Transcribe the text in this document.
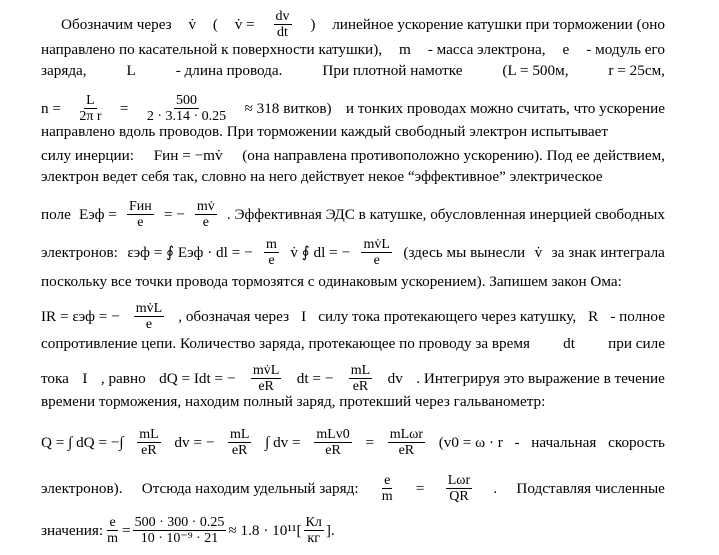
Обозначим через v̇ ( v̇ = $\frac{dv}{dt}$ ) линейное ускорение катушки при торможении (оно
направлено по касательной к поверхности катушки), m - масса электрона, e - модуль его
заряда,	L	- длина провода.	При плотной намотке	(L = 500м,	r = 25см,
$n = \frac{L}{\text{2π r}} = \frac{500}{2 \cdot 3.14 \cdot 0.25} \approx 318$ витков) и тонких проводах можно считать, что ускорение
направлено вдоль проводов. При торможении каждый свободный электрон испытывает
силу инерции: Fин = −mv̇ (она направлена противоположно ускорению). Под ее действием,
электрон ведет себя так, словно на него действует некое “эффективное” электрическое
поле Eэф = Fин
e = − $\frac{mv̇}{e}$ . Эффективная ЭДС в катушке, обусловленная инерцией свободных
электронов: εэф = ∮ Eэф · dl = − $\frac{m}{e}$ v̇ ∮ dl = − $\frac{mv̇L}{e}$ (здесь мы вынесли v̇ за знак интеграла
поскольку все точки провода тормозятся с одинаковым ускорением). Запишем закон Ома:
IR = εэф = − $\frac{mv̇L}{e}$ , обозначая через I силу тока протекающего через катушку, R - полное
сопротивление цепи. Количество заряда, протекающее по проводу за время dt при силе
тока I , равно dQ = Idt = − $\frac{mv̇L}{eR}$ dt = − $\frac{mL}{eR}$ dv . Интегрируя это выражение в течение
времени торможения, находим полный заряд, протекший через гальванометр:
Q = ∫ dQ = −∫ $\frac{mL}{eR}$ dv = − $\frac{mL}{eR}$ ∫ dv = mLv0
eR = mLωr
eR (v0 = ω · r - начальная скорость
электронов). Отсюда находим удельный заряд: $\frac{e}{m} = L\omega r$
QR . Подставляя численные
значения: $\frac{e}{m} = \frac{500 \cdot 300 \cdot 0.25}{\text{10 · 10⁻⁹ · 21}} \approx 1.8 \cdot 10^{11}$[ Кл
кг ].
